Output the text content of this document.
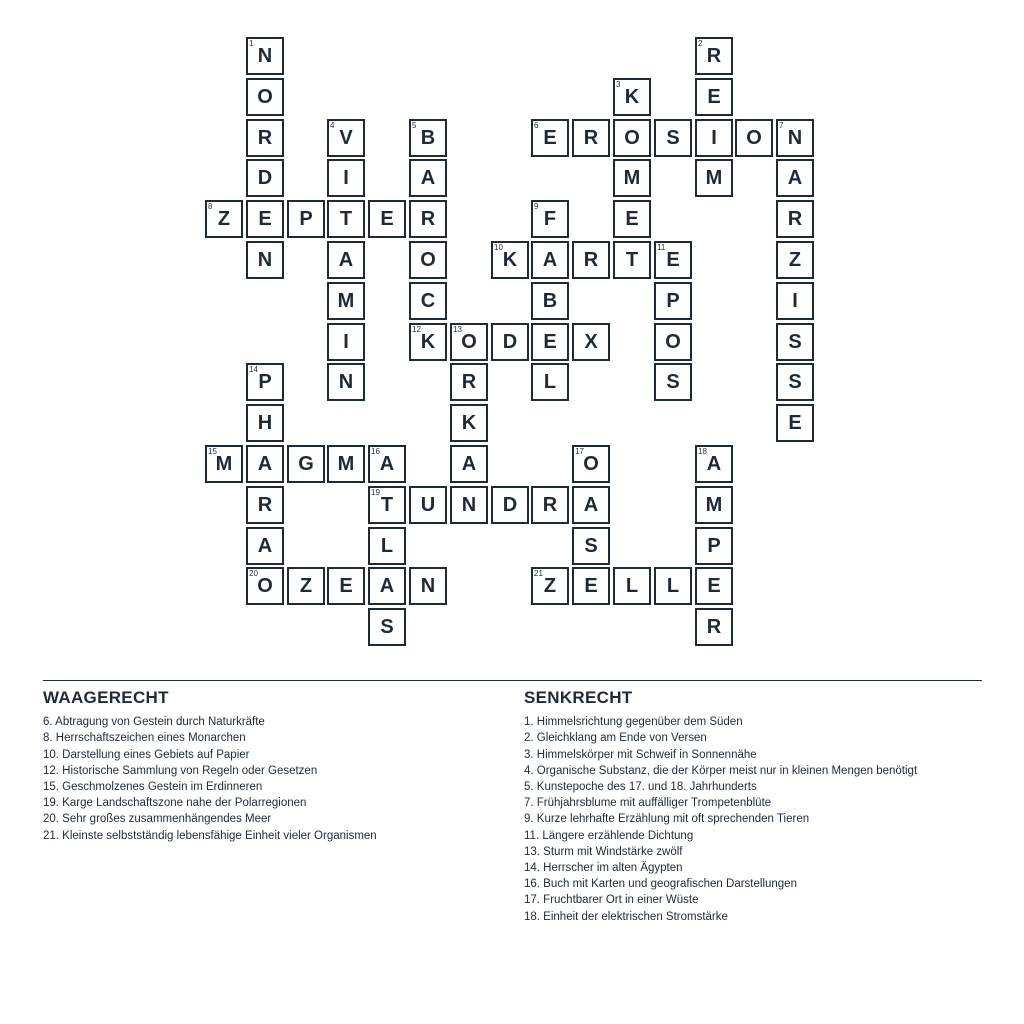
1
N
O
R
D
E
N
8
Z	P	T	E	R
4
V
I
A
M
I
N
5
B
A
O
C
12
K
13
O	D	E	X
R
K
A
2
R
E
I
M
3
K
O
M
E
T
6
E	R	S	O
7
N
A
R
Z
I
S
S
E
9
F
A
B
L
10
K	R
11
E
P
O
S
14
P
H
A
R
A
20
O
15
M	G	M
16
A
19
T
L
A
S
U	N	D	R	A
17
O
S
E
Z	E	N
21
Z	L	L
18
A
M
P
E
R
WAAGERECHT
6. Abtragung von Gestein durch Naturkräfte
8. Herrschaftszeichen eines Monarchen
10. Darstellung eines Gebiets auf Papier
12. Historische Sammlung von Regeln oder Gesetzen
15. Geschmolzenes Gestein im Erdinneren
19. Karge Landschaftszone nahe der Polarregionen
20. Sehr großes zusammenhängendes Meer
21. Kleinste selbstständig lebensfähige Einheit vieler Organismen
SENKRECHT
1. Himmelsrichtung gegenüber dem Süden
2. Gleichklang am Ende von Versen
3. Himmelskörper mit Schweif in Sonnennähe
4. Organische Substanz, die der Körper meist nur in kleinen Mengen benötigt
5. Kunstepoche des 17. und 18. Jahrhunderts
7. Frühjahrsblume mit auffälliger Trompetenblüte
9. Kurze lehrhafte Erzählung mit oft sprechenden Tieren
11. Längere erzählende Dichtung
13. Sturm mit Windstärke zwölf
14. Herrscher im alten Ägypten
16. Buch mit Karten und geografischen Darstellungen
17. Fruchtbarer Ort in einer Wüste
18. Einheit der elektrischen Stromstärke
